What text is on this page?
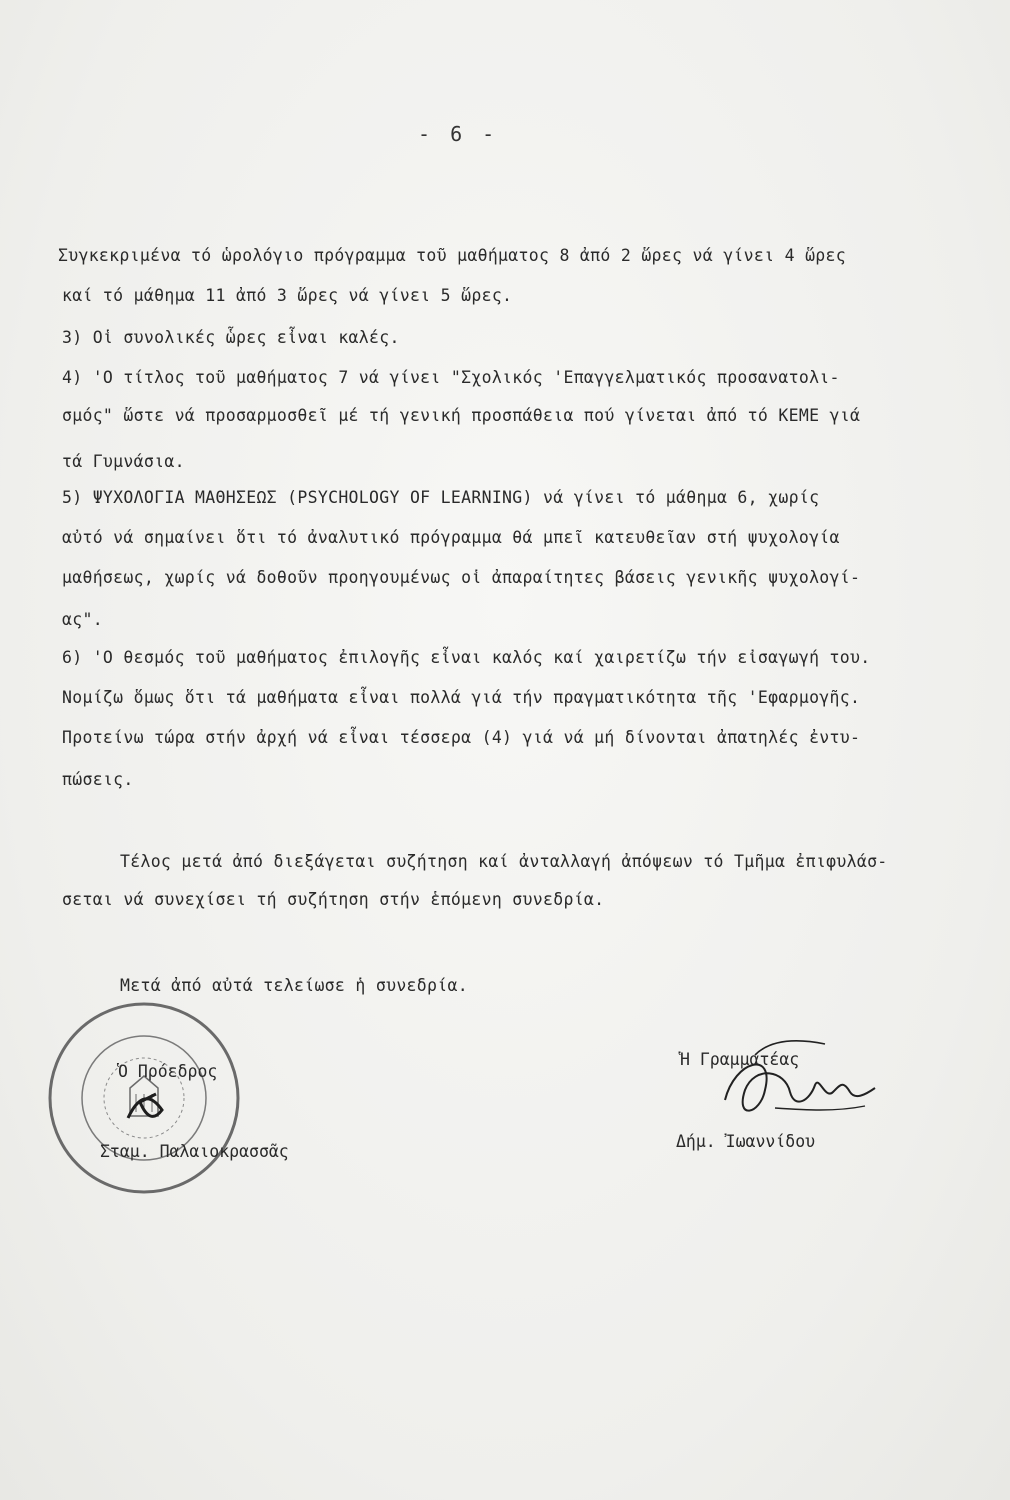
- 6 -
Συγκεκριμένα τό ὡρολόγιο πρόγραμμα τοῦ μαθήματος 8 ἀπό 2 ὥρες νά γίνει 4 ὥρες
καί τό μάθημα 11 ἀπό 3 ὥρες νά γίνει 5 ὥρες.
3) Οἱ συνολικές ὧρες εἶναι καλές.
4) 'Ο τίτλος τοῦ μαθήματος 7 νά γίνει "Σχολικός 'Επαγγελματικός προσανατολι-
σμός" ὥστε νά προσαρμοσθεῖ μέ τή γενική προσπάθεια πού γίνεται ἀπό τό ΚΕΜΕ γιά
τά Γυμνάσια.
5) ΨΥΧΟΛΟΓΙΑ ΜΑΘΗΣΕΩΣ (PSYCHOLOGY OF LEARNING) νά γίνει τό μάθημα 6, χωρίς
αὐτό νά σημαίνει ὅτι τό ἀναλυτικό πρόγραμμα θά μπεῖ κατευθεῖαν στή ψυχολογία
μαθήσεως, χωρίς νά δοθοῦν προηγουμένως οἱ ἀπαραίτητες βάσεις γενικῆς ψυχολογί-
ας".
6) 'Ο θεσμός τοῦ μαθήματος ἐπιλογῆς εἶναι καλός καί χαιρετίζω τήν εἰσαγωγή του.
Νομίζω ὅμως ὅτι τά μαθήματα εἶναι πολλά γιά τήν πραγματικότητα τῆς 'Εφαρμογῆς.
Προτείνω τώρα στήν ἀρχή νά εἶναι τέσσερα (4) γιά νά μή δίνονται ἀπατηλές ἐντυ-
πώσεις.
Τέλος μετά ἀπό διεξάγεται συζήτηση καί ἀνταλλαγή ἀπόψεων τό Τμῆμα ἐπιφυλάσ-
σεται νά συνεχίσει τή συζήτηση στήν ἑπόμενη συνεδρία.
Μετά ἀπό αὐτά τελείωσε ἡ συνεδρία.
Ὁ Πρόεδρος
Σταμ. Παλαιοκρασσᾶς
Ἡ Γραμματέας
Δήμ. Ἰωαννίδου
